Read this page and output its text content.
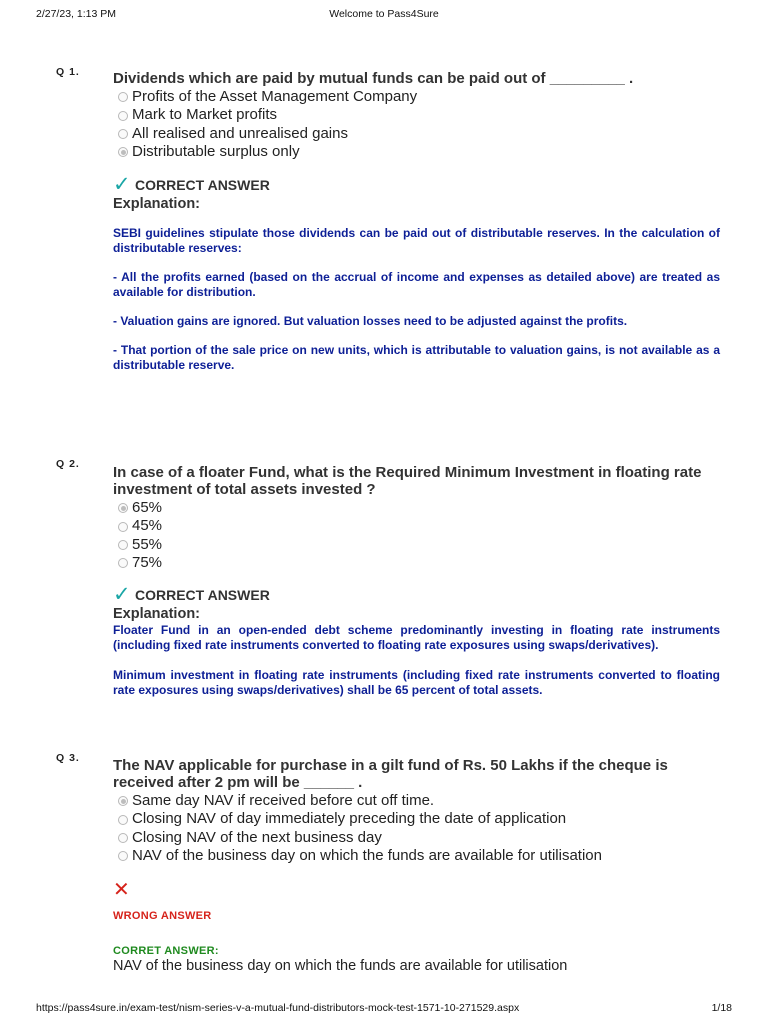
2/27/23, 1:13 PM	Welcome to Pass4Sure
Q 1. Dividends which are paid by mutual funds can be paid out of _________ .
Profits of the Asset Management Company
Mark to Market profits
All realised and unrealised gains
Distributable surplus only
✓ CORRECT ANSWER
Explanation:

SEBI guidelines stipulate those dividends can be paid out of distributable reserves. In the calculation of distributable reserves:

- All the profits earned (based on the accrual of income and expenses as detailed above) are treated as available for distribution.

- Valuation gains are ignored. But valuation losses need to be adjusted against the profits.

- That portion of the sale price on new units, which is attributable to valuation gains, is not available as a distributable reserve.

Q 2. In case of a floater Fund, what is the Required Minimum Investment in floating rate investment of total assets invested ?
65%
45%
55%
75%
✓ CORRECT ANSWER
Explanation:

Floater Fund in an open-ended debt scheme predominantly investing in floating rate instruments (including fixed rate instruments converted to floating rate exposures using swaps/derivatives).

Minimum investment in floating rate instruments (including fixed rate instruments converted to floating rate exposures using swaps/derivatives) shall be 65 percent of total assets.

Q 3. The NAV applicable for purchase in a gilt fund of Rs. 50 Lakhs if the cheque is received after 2 pm will be ______ .
Same day NAV if received before cut off time.
Closing NAV of day immediately preceding the date of application
Closing NAV of the next business day
NAV of the business day on which the funds are available for utilisation
✕
WRONG ANSWER
CORRET ANSWER:
NAV of the business day on which the funds are available for utilisation
https://pass4sure.in/exam-test/nism-series-v-a-mutual-fund-distributors-mock-test-1571-10-271529.aspx	1/18
